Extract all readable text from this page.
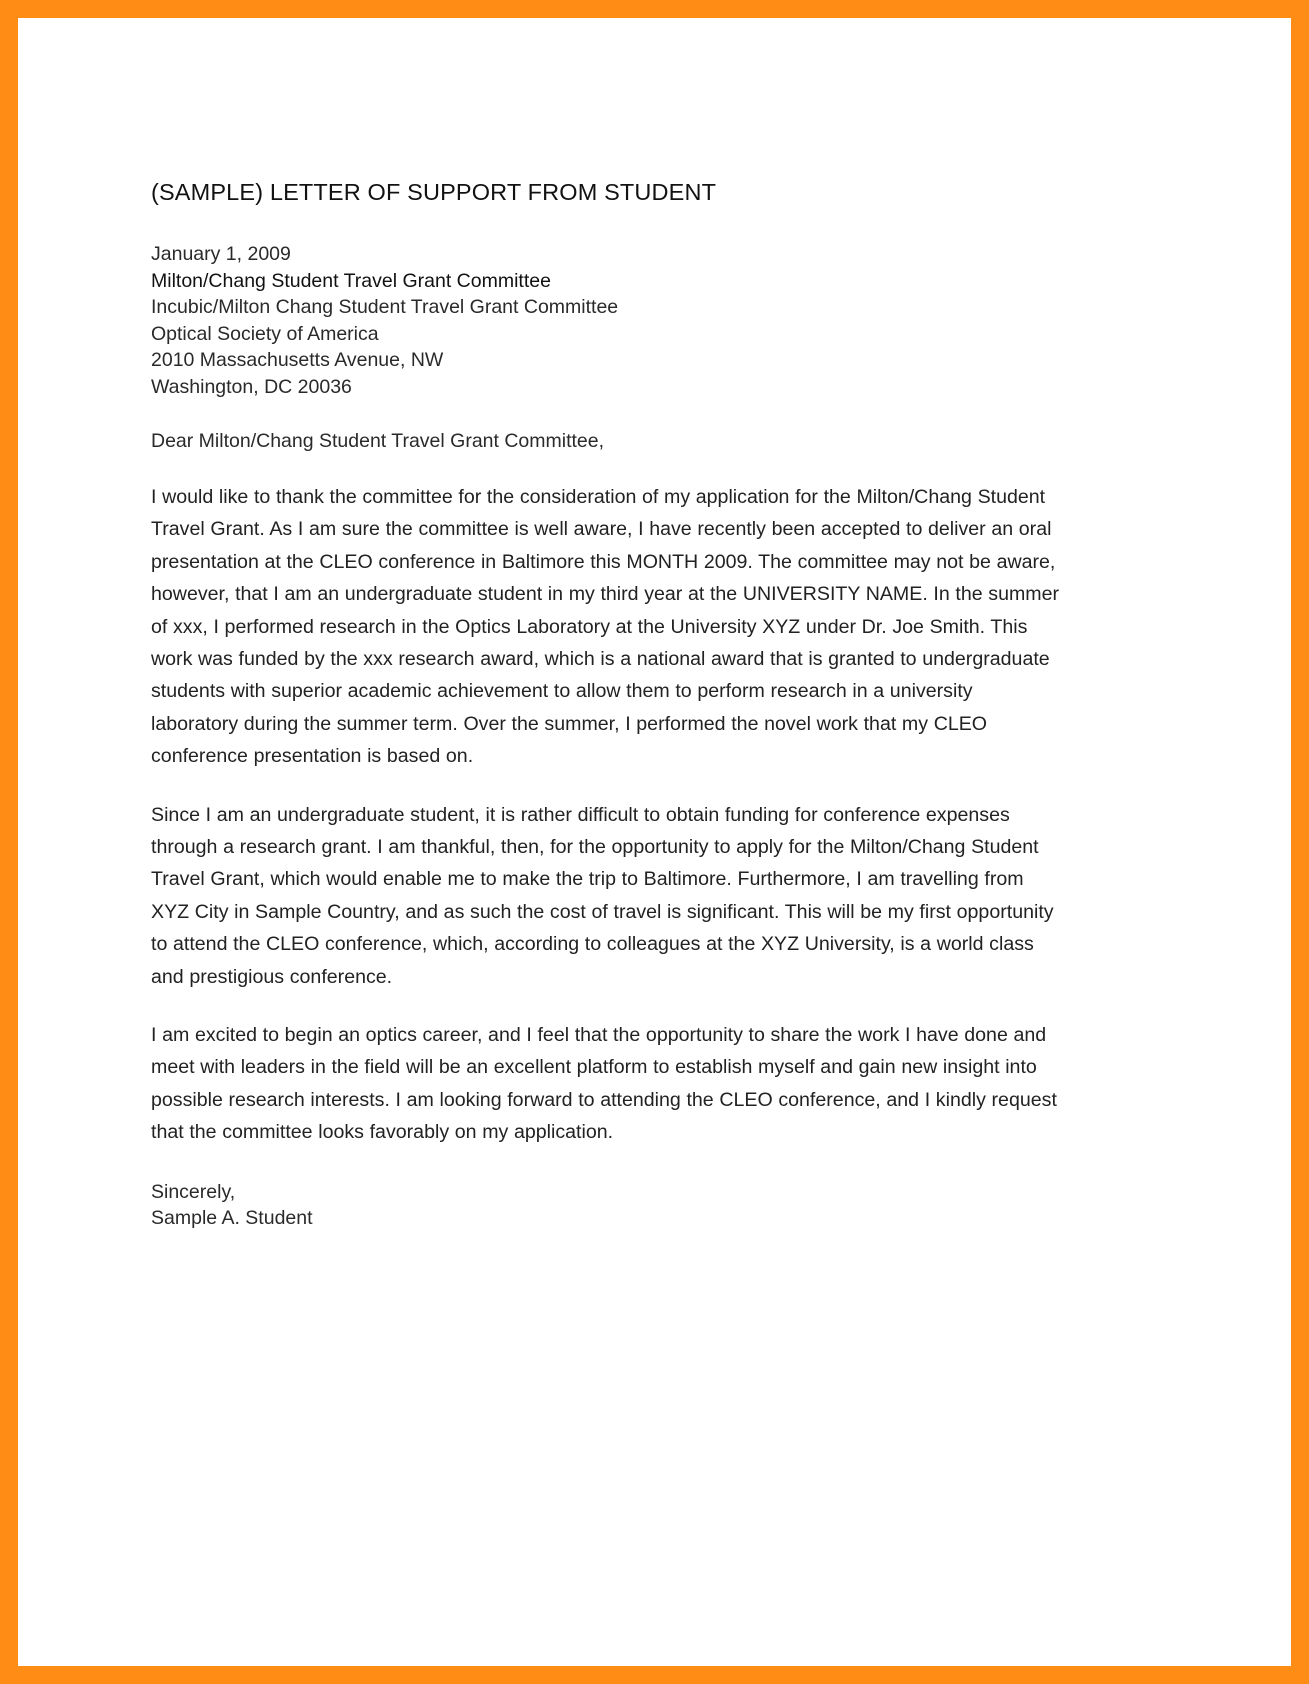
(SAMPLE) LETTER OF SUPPORT FROM STUDENT
January 1, 2009
Milton/Chang Student Travel Grant Committee
Incubic/Milton Chang Student Travel Grant Committee
Optical Society of America
2010 Massachusetts Avenue, NW
Washington, DC 20036
Dear Milton/Chang Student Travel Grant Committee,

I would like to thank the committee for the consideration of my application for the Milton/Chang Student Travel Grant. As I am sure the committee is well aware, I have recently been accepted to deliver an oral presentation at the CLEO conference in Baltimore this MONTH 2009. The committee may not be aware, however, that I am an undergraduate student in my third year at the UNIVERSITY NAME. In the summer of xxx, I performed research in the Optics Laboratory at the University XYZ under Dr. Joe Smith. This work was funded by the xxx research award, which is a national award that is granted to undergraduate students with superior academic achievement to allow them to perform research in a university laboratory during the summer term. Over the summer, I performed the novel work that my CLEO conference presentation is based on.

Since I am an undergraduate student, it is rather difficult to obtain funding for conference expenses through a research grant. I am thankful, then, for the opportunity to apply for the Milton/Chang Student Travel Grant, which would enable me to make the trip to Baltimore. Furthermore, I am travelling from XYZ City in Sample Country, and as such the cost of travel is significant. This will be my first opportunity to attend the CLEO conference, which, according to colleagues at the XYZ University, is a world class and prestigious conference.

I am excited to begin an optics career, and I feel that the opportunity to share the work I have done and meet with leaders in the field will be an excellent platform to establish myself and gain new insight into possible research interests. I am looking forward to attending the CLEO conference, and I kindly request that the committee looks favorably on my application.

Sincerely,
Sample A. Student
